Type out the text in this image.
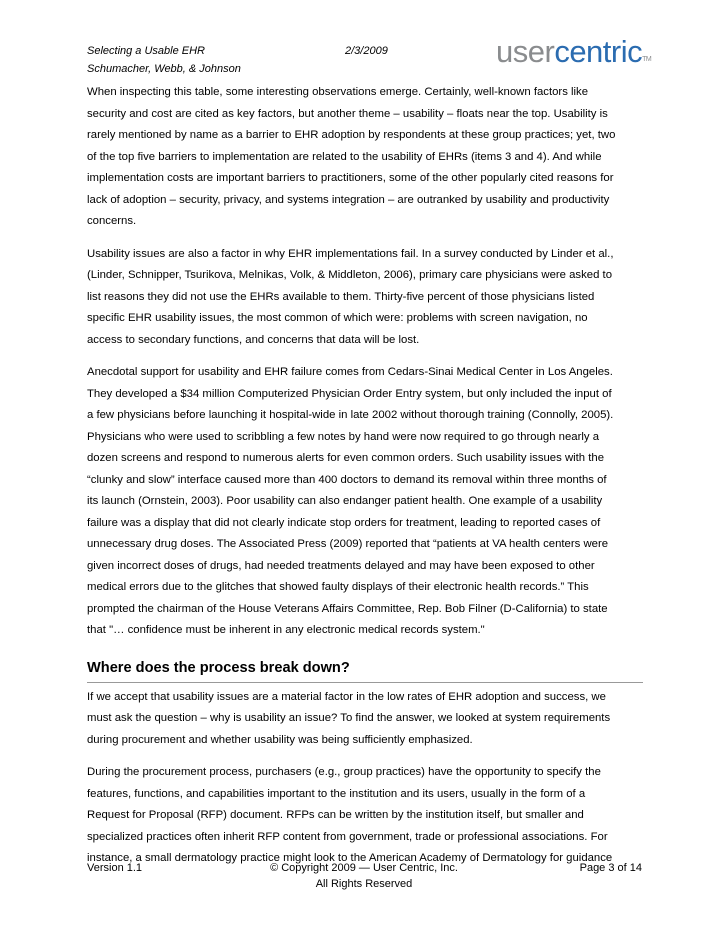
Selecting a Usable EHR
Schumacher, Webb, & Johnson
2/3/2009	usercentric™

When inspecting this table, some interesting observations emerge. Certainly, well-known factors like
security and cost are cited as key factors, but another theme – usability – floats near the top. Usability is
rarely mentioned by name as a barrier to EHR adoption by respondents at these group practices; yet, two
of the top five barriers to implementation are related to the usability of EHRs (items 3 and 4). And while
implementation costs are important barriers to practitioners, some of the other popularly cited reasons for
lack of adoption – security, privacy, and systems integration – are outranked by usability and productivity
concerns.

Usability issues are also a factor in why EHR implementations fail. In a survey conducted by Linder et al.,
(Linder, Schnipper, Tsurikova, Melnikas, Volk, & Middleton, 2006), primary care physicians were asked to
list reasons they did not use the EHRs available to them. Thirty-five percent of those physicians listed
specific EHR usability issues, the most common of which were: problems with screen navigation, no
access to secondary functions, and concerns that data will be lost.

Anecdotal support for usability and EHR failure comes from Cedars-Sinai Medical Center in Los Angeles.
They developed a $34 million Computerized Physician Order Entry system, but only included the input of
a few physicians before launching it hospital-wide in late 2002 without thorough training (Connolly, 2005).
Physicians who were used to scribbling a few notes by hand were now required to go through nearly a
dozen screens and respond to numerous alerts for even common orders. Such usability issues with the
“clunky and slow” interface caused more than 400 doctors to demand its removal within three months of
its launch (Ornstein, 2003). Poor usability can also endanger patient health. One example of a usability
failure was a display that did not clearly indicate stop orders for treatment, leading to reported cases of
unnecessary drug doses. The Associated Press (2009) reported that “patients at VA health centers were
given incorrect doses of drugs, had needed treatments delayed and may have been exposed to other
medical errors due to the glitches that showed faulty displays of their electronic health records.” This
prompted the chairman of the House Veterans Affairs Committee, Rep. Bob Filner (D-California) to state
that "… confidence must be inherent in any electronic medical records system."

Where does the process break down?

If we accept that usability issues are a material factor in the low rates of EHR adoption and success, we
must ask the question – why is usability an issue? To find the answer, we looked at system requirements
during procurement and whether usability was being sufficiently emphasized.

During the procurement process, purchasers (e.g., group practices) have the opportunity to specify the
features, functions, and capabilities important to the institution and its users, usually in the form of a
Request for Proposal (RFP) document. RFPs can be written by the institution itself, but smaller and
specialized practices often inherit RFP content from government, trade or professional associations. For
instance, a small dermatology practice might look to the American Academy of Dermatology for guidance

Version 1.1	© Copyright 2009 — User Centric, Inc.
All Rights Reserved
Page 3 of 14
